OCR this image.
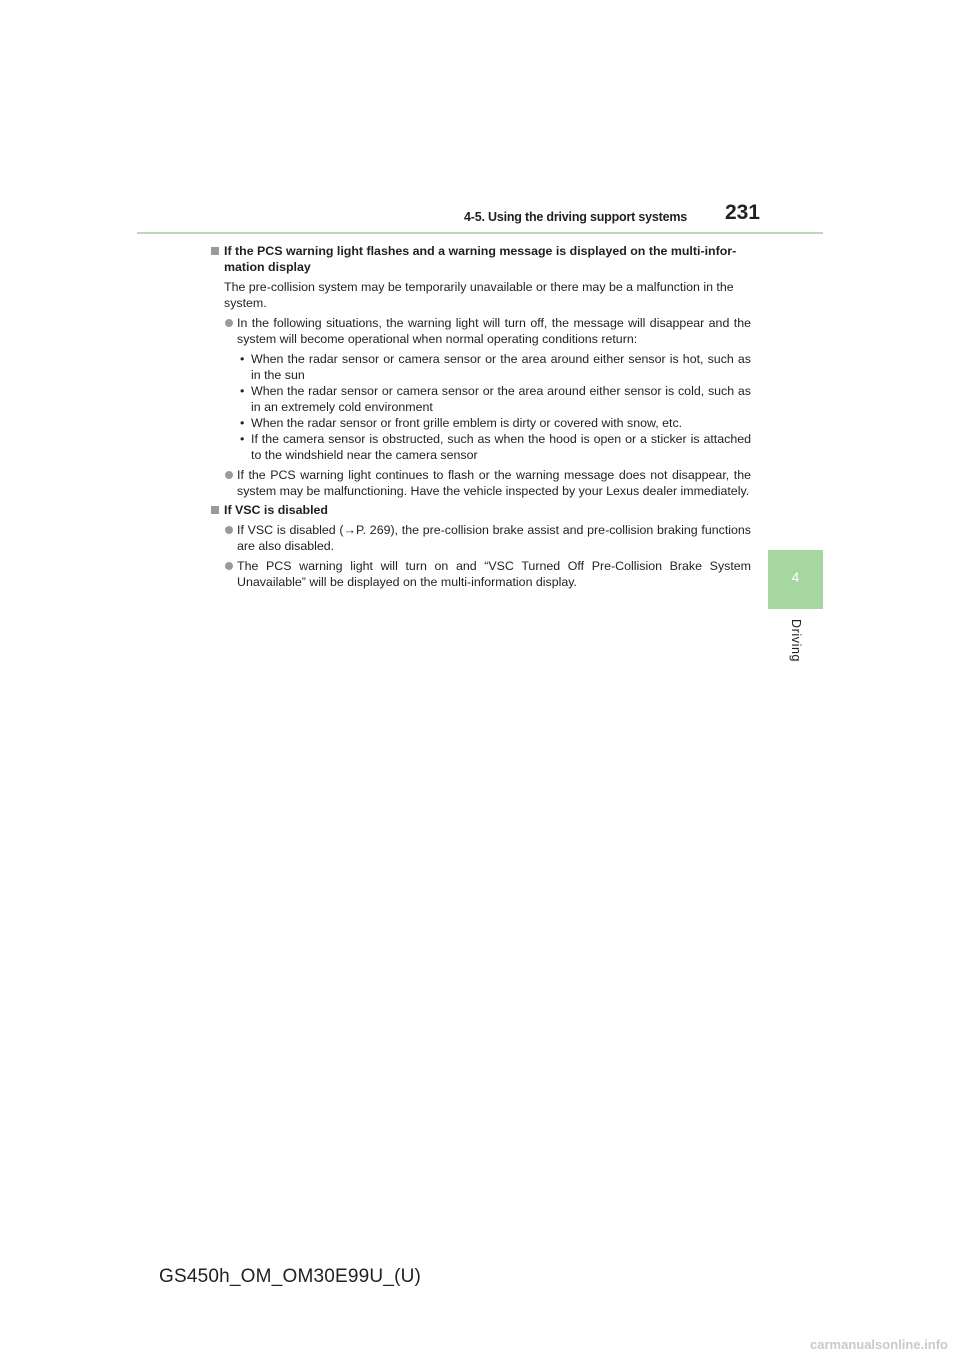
4-5. Using the driving support systems 231
4
Driving
If the PCS warning light flashes and a warning message is displayed on the multi-infor-mation display
The pre-collision system may be temporarily unavailable or there may be a malfunction in the system.
In the following situations, the warning light will turn off, the message will disappear and the system will become operational when normal operating conditions return:
• When the radar sensor or camera sensor or the area around either sensor is hot, such as in the sun
• When the radar sensor or camera sensor or the area around either sensor is cold, such as in an extremely cold environment
• When the radar sensor or front grille emblem is dirty or covered with snow, etc.
• If the camera sensor is obstructed, such as when the hood is open or a sticker is attached to the windshield near the camera sensor
If the PCS warning light continues to flash or the warning message does not disappear, the system may be malfunctioning. Have the vehicle inspected by your Lexus dealer immediately.
If VSC is disabled
If VSC is disabled (→P. 269), the pre-collision brake assist and pre-collision braking functions are also disabled.
The PCS warning light will turn on and “VSC Turned Off Pre-Collision Brake System Unavailable” will be displayed on the multi-information display.
GS450h_OM_OM30E99U_(U)
carmanualsonline.info
